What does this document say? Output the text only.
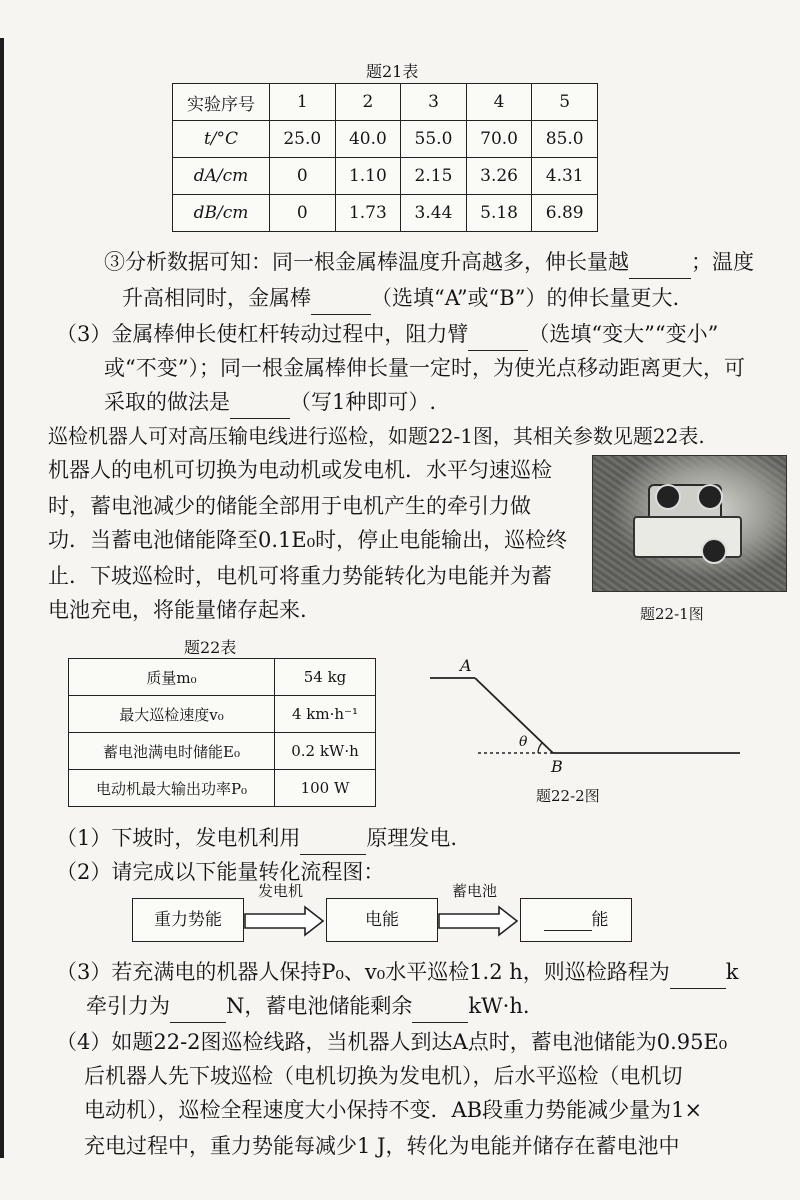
题21表
实验序号	1	2	3	4	5
t/°C	25.0	40.0	55.0	70.0	85.0
dA/cm	0	1.10	2.15	3.26	4.31
dB/cm	0	1.73	3.44	5.18	6.89
③分析数据可知：同一根金属棒温度升高越多，伸长量越	；温度
升高相同时，金属棒	（选填“A”或“B”）的伸长量更大.
（3）金属棒伸长使杠杆转动过程中，阻力臂	（选填“变大”“变小”
或“不变”）；同一根金属棒伸长量一定时，为使光点移动距离更大，可
采取的做法是	（写1种即可）.
巡检机器人可对高压输电线进行巡检，如题22-1图，其相关参数见题22表.
机器人的电机可切换为电动机或发电机．水平匀速巡检
时，蓄电池减少的储能全部用于电机产生的牵引力做
功．当蓄电池储能降至0.1E₀时，停止电能输出，巡检终
止．下坡巡检时，电机可将重力势能转化为电能并为蓄
电池充电，将能量储存起来.	题22-1图
题22表
质量m₀	54 kg
最大巡检速度v₀	4 km·h⁻¹
蓄电池满电时储能E₀	0.2 kW·h
电动机最大输出功率P₀	100 W
A
θ
B
题22-2图
（1）下坡时，发电机利用	原理发电.
（2）请完成以下能量转化流程图：
重力势能	电能	能
发电机	蓄电池
（3）若充满电的机器人保持P₀、v₀水平巡检1.2 h，则巡检路程为	k
牵引力为	N，蓄电池储能剩余	kW·h.
（4）如题22-2图巡检线路，当机器人到达A点时，蓄电池储能为0.95E₀
后机器人先下坡巡检（电机切换为发电机），后水平巡检（电机切
电动机），巡检全程速度大小保持不变．AB段重力势能减少量为1×
充电过程中，重力势能每减少1 J，转化为电能并储存在蓄电池中
